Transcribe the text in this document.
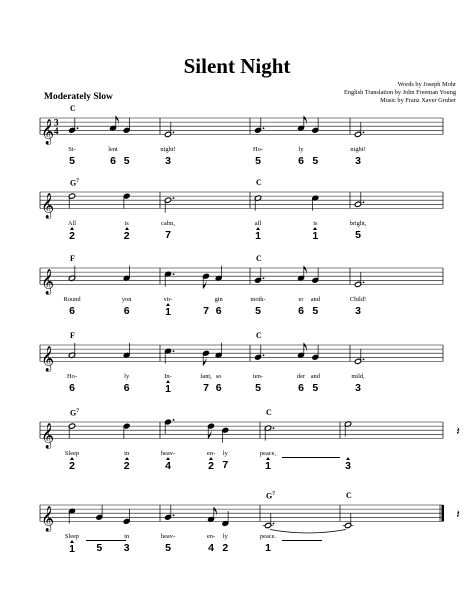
Silent Night
Words by Joseph Mohr
English Translation by John Freeman Young
Music by Franz Xaver Gruber
Moderately Slow
𝄞 3
4
𝄞
𝄞
𝄞
𝄞	𝄽
𝄞	𝄽
C
Si-
5
lent
6 5
night!
3
Ho-
5
ly
6 5
night!
3
$G^7$	C
All
2
is
2
calm,
7
all
1
is
1
bright,
5
F	C
Round
6
yon
6
vir-
1	7
gin
6
moth-
5
er
6
and
5
Child!
3
F	C
Ho-
6
ly
6
In-
1
fant,
7
so
6
ten-
5
der
6
and
5
mild,
3
$G^7$	C
Sleep
2
in
2
heav-
4
en-
2
ly
7
peace,
1	3
$G^7$	C
Sleep
1	5
in
3
heav-
5
en-
4
ly
2
peace.
1
